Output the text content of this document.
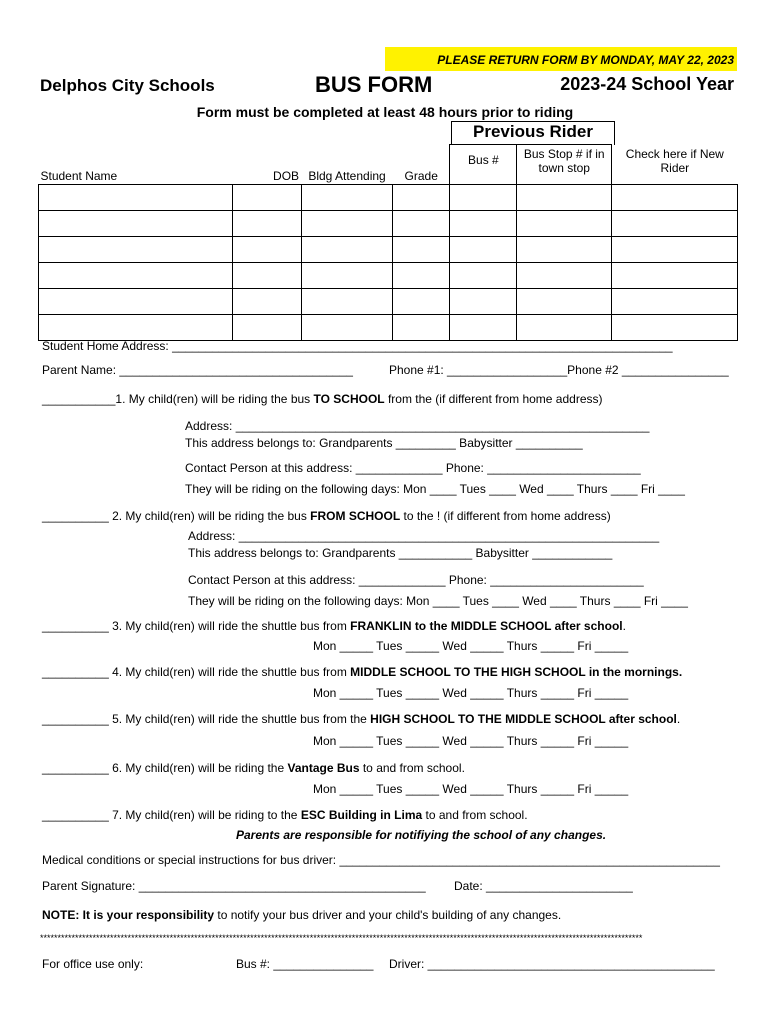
PLEASE RETURN FORM BY MONDAY, MAY 22, 2023
Delphos City Schools	BUS FORM	2023-24 School Year
Form must be completed at least 48 hours prior to riding
Previous Rider
Student Name	DOB	Bldg Attending	Grade	Bus #	Bus Stop # if in town stop	Check here if New Rider

Student Home Address: ___________________________________________________________________________
Parent Name: ___________________________________	Phone #1: __________________Phone #2 ________________
___________1. My child(ren) will be riding the bus TO SCHOOL from the (if different from home address)
Address: ______________________________________________________________
This address belongs to: Grandparents _________ Babysitter __________
Contact Person at this address: _____________ Phone: _______________________
They will be riding on the following days: Mon ____ Tues ____ Wed ____ Thurs ____ Fri ____
__________ 2. My child(ren) will be riding the bus FROM SCHOOL to the ! (if different from home address)
Address: _______________________________________________________________
This address belongs to: Grandparents ___________ Babysitter ____________
Contact Person at this address: _____________ Phone: _______________________
They will be riding on the following days: Mon ____ Tues ____ Wed ____ Thurs ____ Fri ____
__________ 3. My child(ren) will ride the shuttle bus from FRANKLIN to the MIDDLE SCHOOL after school.
Mon _____ Tues _____ Wed _____ Thurs _____ Fri _____
__________ 4. My child(ren) will ride the shuttle bus from MIDDLE SCHOOL TO THE HIGH SCHOOL in the mornings.
Mon _____ Tues _____ Wed _____ Thurs _____ Fri _____
__________ 5. My child(ren) will ride the shuttle bus from the HIGH SCHOOL TO THE MIDDLE SCHOOL after school.
Mon _____ Tues _____ Wed _____ Thurs _____ Fri _____
__________ 6. My child(ren) will be riding the Vantage Bus to and from school.
Mon _____ Tues _____ Wed _____ Thurs _____ Fri _____
__________ 7. My child(ren) will be riding to the ESC Building in Lima to and from school.
Parents are responsible for notifiying the school of any changes.
Medical conditions or special instructions for bus driver: _________________________________________________________
Parent Signature: ___________________________________________ Date: ______________________
NOTE: It is your responsibility to notify your bus driver and your child's building of any changes.
****************************************************************************************************************************************************************************
For office use only:	Bus #: _______________ Driver: ___________________________________________
